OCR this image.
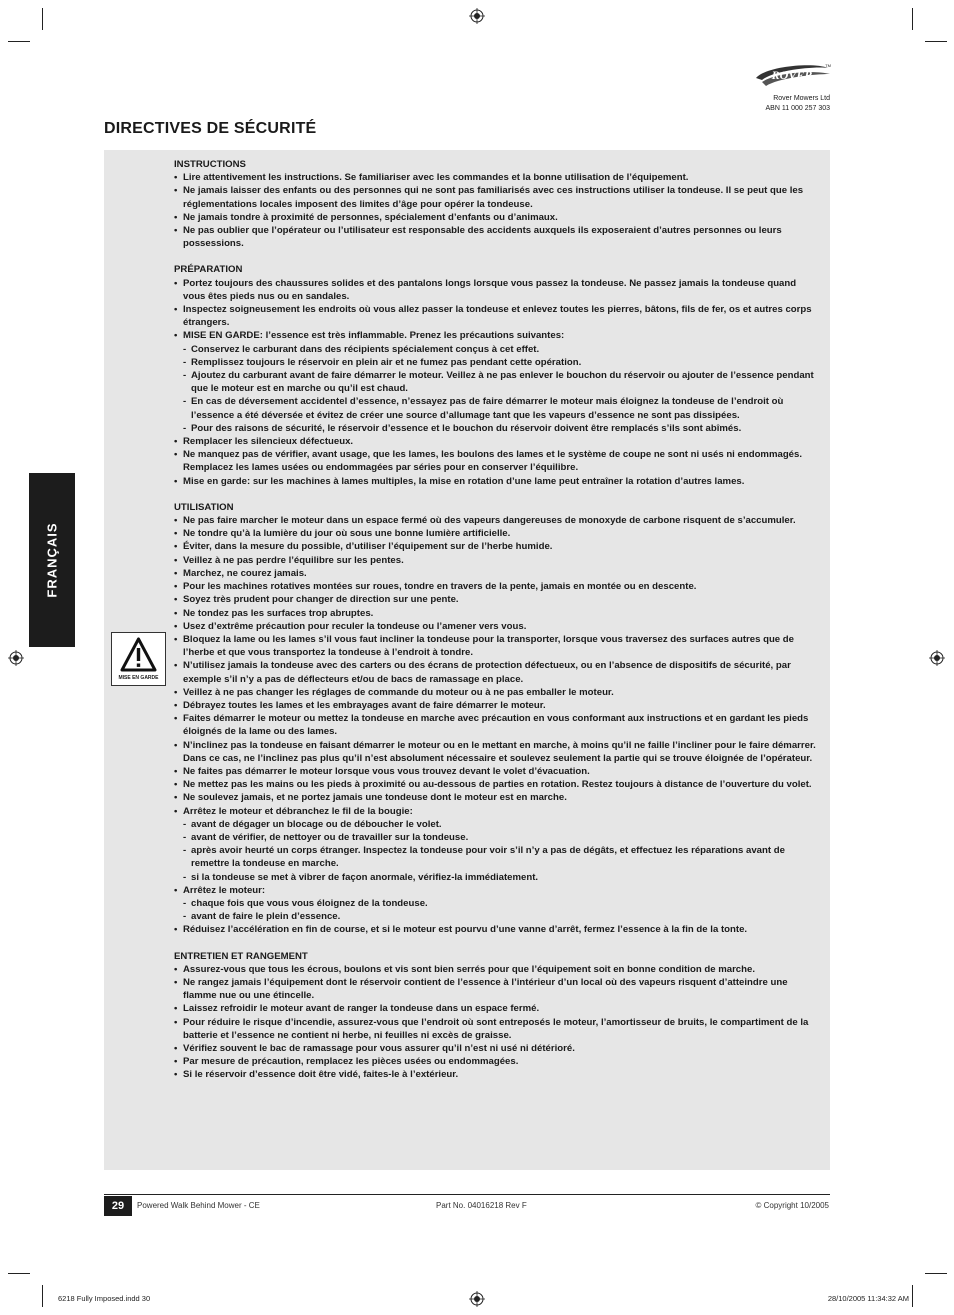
ROVER
TM
Rover Mowers Ltd
ABN 11 000 257 303
DIRECTIVES DE SÉCURITÉ
FRANÇAIS
MISE EN GARDE
INSTRUCTIONS
• Lire attentivement les instructions. Se familiariser avec les commandes et la bonne utilisation de l’équipement.
• Ne jamais laisser des enfants ou des personnes qui ne sont pas familiarisés avec ces instructions utiliser la tondeuse. Il se peut que les réglementations locales imposent des limites d’âge pour opérer la tondeuse.
• Ne jamais tondre à proximité de personnes, spécialement d’enfants ou d’animaux.
• Ne pas oublier que l’opérateur ou l’utilisateur est responsable des accidents auxquels ils exposeraient d’autres personnes ou leurs possessions.
PRÉPARATION
• Portez toujours des chaussures solides et des pantalons longs lorsque vous passez la tondeuse. Ne passez jamais la tondeuse quand vous êtes pieds nus ou en sandales.
• Inspectez soigneusement les endroits où vous allez passer la tondeuse et enlevez toutes les pierres, bâtons, fils de fer, os et autres corps étrangers.
• MISE EN GARDE: l’essence est très inflammable. Prenez les précautions suivantes:
- Conservez le carburant dans des récipients spécialement conçus à cet effet.
- Remplissez toujours le réservoir en plein air et ne fumez pas pendant cette opération.
- Ajoutez du carburant avant de faire démarrer le moteur. Veillez à ne pas enlever le bouchon du réservoir ou ajouter de l’essence pendant que le moteur est en marche ou qu’il est chaud.
- En cas de déversement accidentel d’essence, n’essayez pas de faire démarrer le moteur mais éloignez la tondeuse de l’endroit où l’essence a été déversée et évitez de créer une source d’allumage tant que les vapeurs d’essence ne sont pas dissipées.
- Pour des raisons de sécurité, le réservoir d’essence et le bouchon du réservoir doivent être remplacés s’ils sont abîmés.
• Remplacer les silencieux défectueux.
• Ne manquez pas de vérifier, avant usage, que les lames, les boulons des lames et le système de coupe ne sont ni usés ni endommagés. Remplacez les lames usées ou endommagées par séries pour en conserver l’équilibre.
• Mise en garde: sur les machines à lames multiples, la mise en rotation d’une lame peut entraîner la rotation d’autres lames.
UTILISATION
• Ne pas faire marcher le moteur dans un espace fermé où des vapeurs dangereuses de monoxyde de carbone risquent de s’accumuler.
• Ne tondre qu’à la lumière du jour où sous une bonne lumière artificielle.
• Éviter, dans la mesure du possible, d’utiliser l’équipement sur de l’herbe humide.
• Veillez à ne pas perdre l’équilibre sur les pentes.
• Marchez, ne courez jamais.
• Pour les machines rotatives montées sur roues, tondre en travers de la pente, jamais en montée ou en descente.
• Soyez très prudent pour changer de direction sur une pente.
• Ne tondez pas les surfaces trop abruptes.
• Usez d’extrême précaution pour reculer la tondeuse ou l’amener vers vous.
• Bloquez la lame ou les lames s’il vous faut incliner la tondeuse pour la transporter, lorsque vous traversez des surfaces autres que de l’herbe et que vous transportez la tondeuse à l’endroit à tondre.
• N’utilisez jamais la tondeuse avec des carters ou des écrans de protection défectueux, ou en l’absence de dispositifs de sécurité, par exemple s’il n’y a pas de déflecteurs et/ou de bacs de ramassage en place.
• Veillez à ne pas changer les réglages de commande du moteur ou à ne pas emballer le moteur.
• Débrayez toutes les lames et les embrayages avant de faire démarrer le moteur.
• Faites démarrer le moteur ou mettez la tondeuse en marche avec précaution en vous conformant aux instructions et en gardant les pieds éloignés de la lame ou des lames.
• N’inclinez pas la tondeuse en faisant démarrer le moteur ou en le mettant en marche, à moins qu’il ne faille l’incliner pour le faire démarrer. Dans ce cas, ne l’inclinez pas plus qu’il n’est absolument nécessaire et soulevez seulement la partie qui se trouve éloignée de l’opérateur.
• Ne faites pas démarrer le moteur lorsque vous vous trouvez devant le volet d’évacuation.
• Ne mettez pas les mains ou les pieds à proximité ou au-dessous de parties en rotation. Restez toujours à distance de l’ouverture du volet.
• Ne soulevez jamais, et ne portez jamais une tondeuse dont le moteur est en marche.
• Arrêtez le moteur et débranchez le fil de la bougie:
- avant de dégager un blocage ou de déboucher le volet.
- avant de vérifier, de nettoyer ou de travailler sur la tondeuse.
- après avoir heurté un corps étranger. Inspectez la tondeuse pour voir s’il n’y a pas de dégâts, et effectuez les réparations avant de remettre la tondeuse en marche.
- si la tondeuse se met à vibrer de façon anormale, vérifiez-la immédiatement.
• Arrêtez le moteur:
- chaque fois que vous vous éloignez de la tondeuse.
- avant de faire le plein d’essence.
• Réduisez l’accélération en fin de course, et si le moteur est pourvu d’une vanne d’arrêt, fermez l’essence à la fin de la tonte.
ENTRETIEN ET RANGEMENT
• Assurez-vous que tous les écrous, boulons et vis sont bien serrés pour que l’équipement soit en bonne condition de marche.
• Ne rangez jamais l’équipement dont le réservoir contient de l’essence à l’intérieur d’un local où des vapeurs risquent d’atteindre une flamme nue ou une étincelle.
• Laissez refroidir le moteur avant de ranger la tondeuse dans un espace fermé.
• Pour réduire le risque d’incendie, assurez-vous que l’endroit où sont entreposés le moteur, l’amortisseur de bruits, le compartiment de la batterie et l’essence ne contient ni herbe, ni feuilles ni excès de graisse.
• Vérifiez souvent le bac de ramassage pour vous assurer qu’il n’est ni usé ni détérioré.
• Par mesure de précaution, remplacez les pièces usées ou endommagées.
• Si le réservoir d’essence doit être vidé, faites-le à l’extérieur.
29	Powered Walk Behind Mower - CE	Part No. 04016218 Rev F	© Copyright 10/2005
6218 Fully Imposed.indd 30	28/10/2005 11:34:32 AM
